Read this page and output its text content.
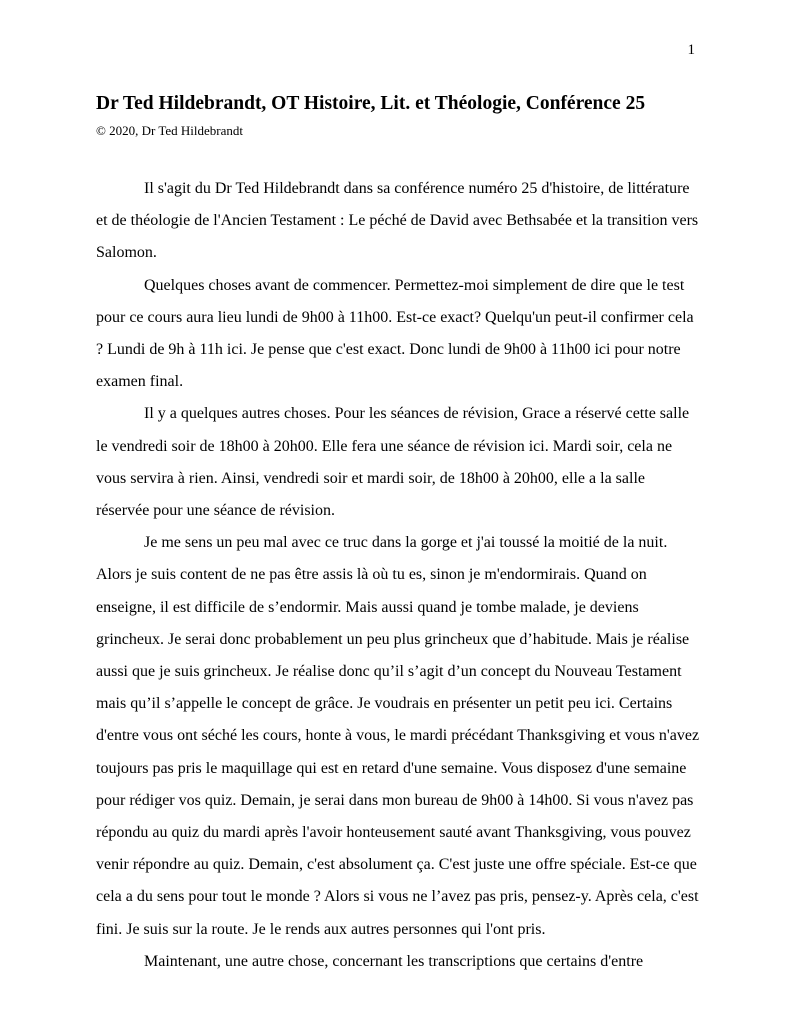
1
Dr Ted Hildebrandt, OT Histoire, Lit. et Théologie, Conférence 25
© 2020, Dr Ted Hildebrandt

Il s'agit du Dr Ted Hildebrandt dans sa conférence numéro 25 d'histoire, de littérature et de théologie de l'Ancien Testament : Le péché de David avec Bethsabée et la transition vers Salomon.

Quelques choses avant de commencer. Permettez-moi simplement de dire que le test pour ce cours aura lieu lundi de 9h00 à 11h00. Est-ce exact? Quelqu'un peut-il confirmer cela ? Lundi de 9h à 11h ici. Je pense que c'est exact. Donc lundi de 9h00 à 11h00 ici pour notre examen final.

Il y a quelques autres choses. Pour les séances de révision, Grace a réservé cette salle le vendredi soir de 18h00 à 20h00. Elle fera une séance de révision ici. Mardi soir, cela ne vous servira à rien. Ainsi, vendredi soir et mardi soir, de 18h00 à 20h00, elle a la salle réservée pour une séance de révision.

Je me sens un peu mal avec ce truc dans la gorge et j'ai toussé la moitié de la nuit. Alors je suis content de ne pas être assis là où tu es, sinon je m'endormirais. Quand on enseigne, il est difficile de s’endormir. Mais aussi quand je tombe malade, je deviens grincheux. Je serai donc probablement un peu plus grincheux que d’habitude. Mais je réalise aussi que je suis grincheux. Je réalise donc qu’il s’agit d’un concept du Nouveau Testament mais qu’il s’appelle le concept de grâce. Je voudrais en présenter un petit peu ici. Certains d'entre vous ont séché les cours, honte à vous, le mardi précédant Thanksgiving et vous n'avez toujours pas pris le maquillage qui est en retard d'une semaine. Vous disposez d'une semaine pour rédiger vos quiz. Demain, je serai dans mon bureau de 9h00 à 14h00. Si vous n'avez pas répondu au quiz du mardi après l'avoir honteusement sauté avant Thanksgiving, vous pouvez venir répondre au quiz. Demain, c'est absolument ça. C'est juste une offre spéciale. Est-ce que cela a du sens pour tout le monde ? Alors si vous ne l’avez pas pris, pensez-y. Après cela, c'est fini. Je suis sur la route. Je le rends aux autres personnes qui l'ont pris.

Maintenant, une autre chose, concernant les transcriptions que certains d'entre
